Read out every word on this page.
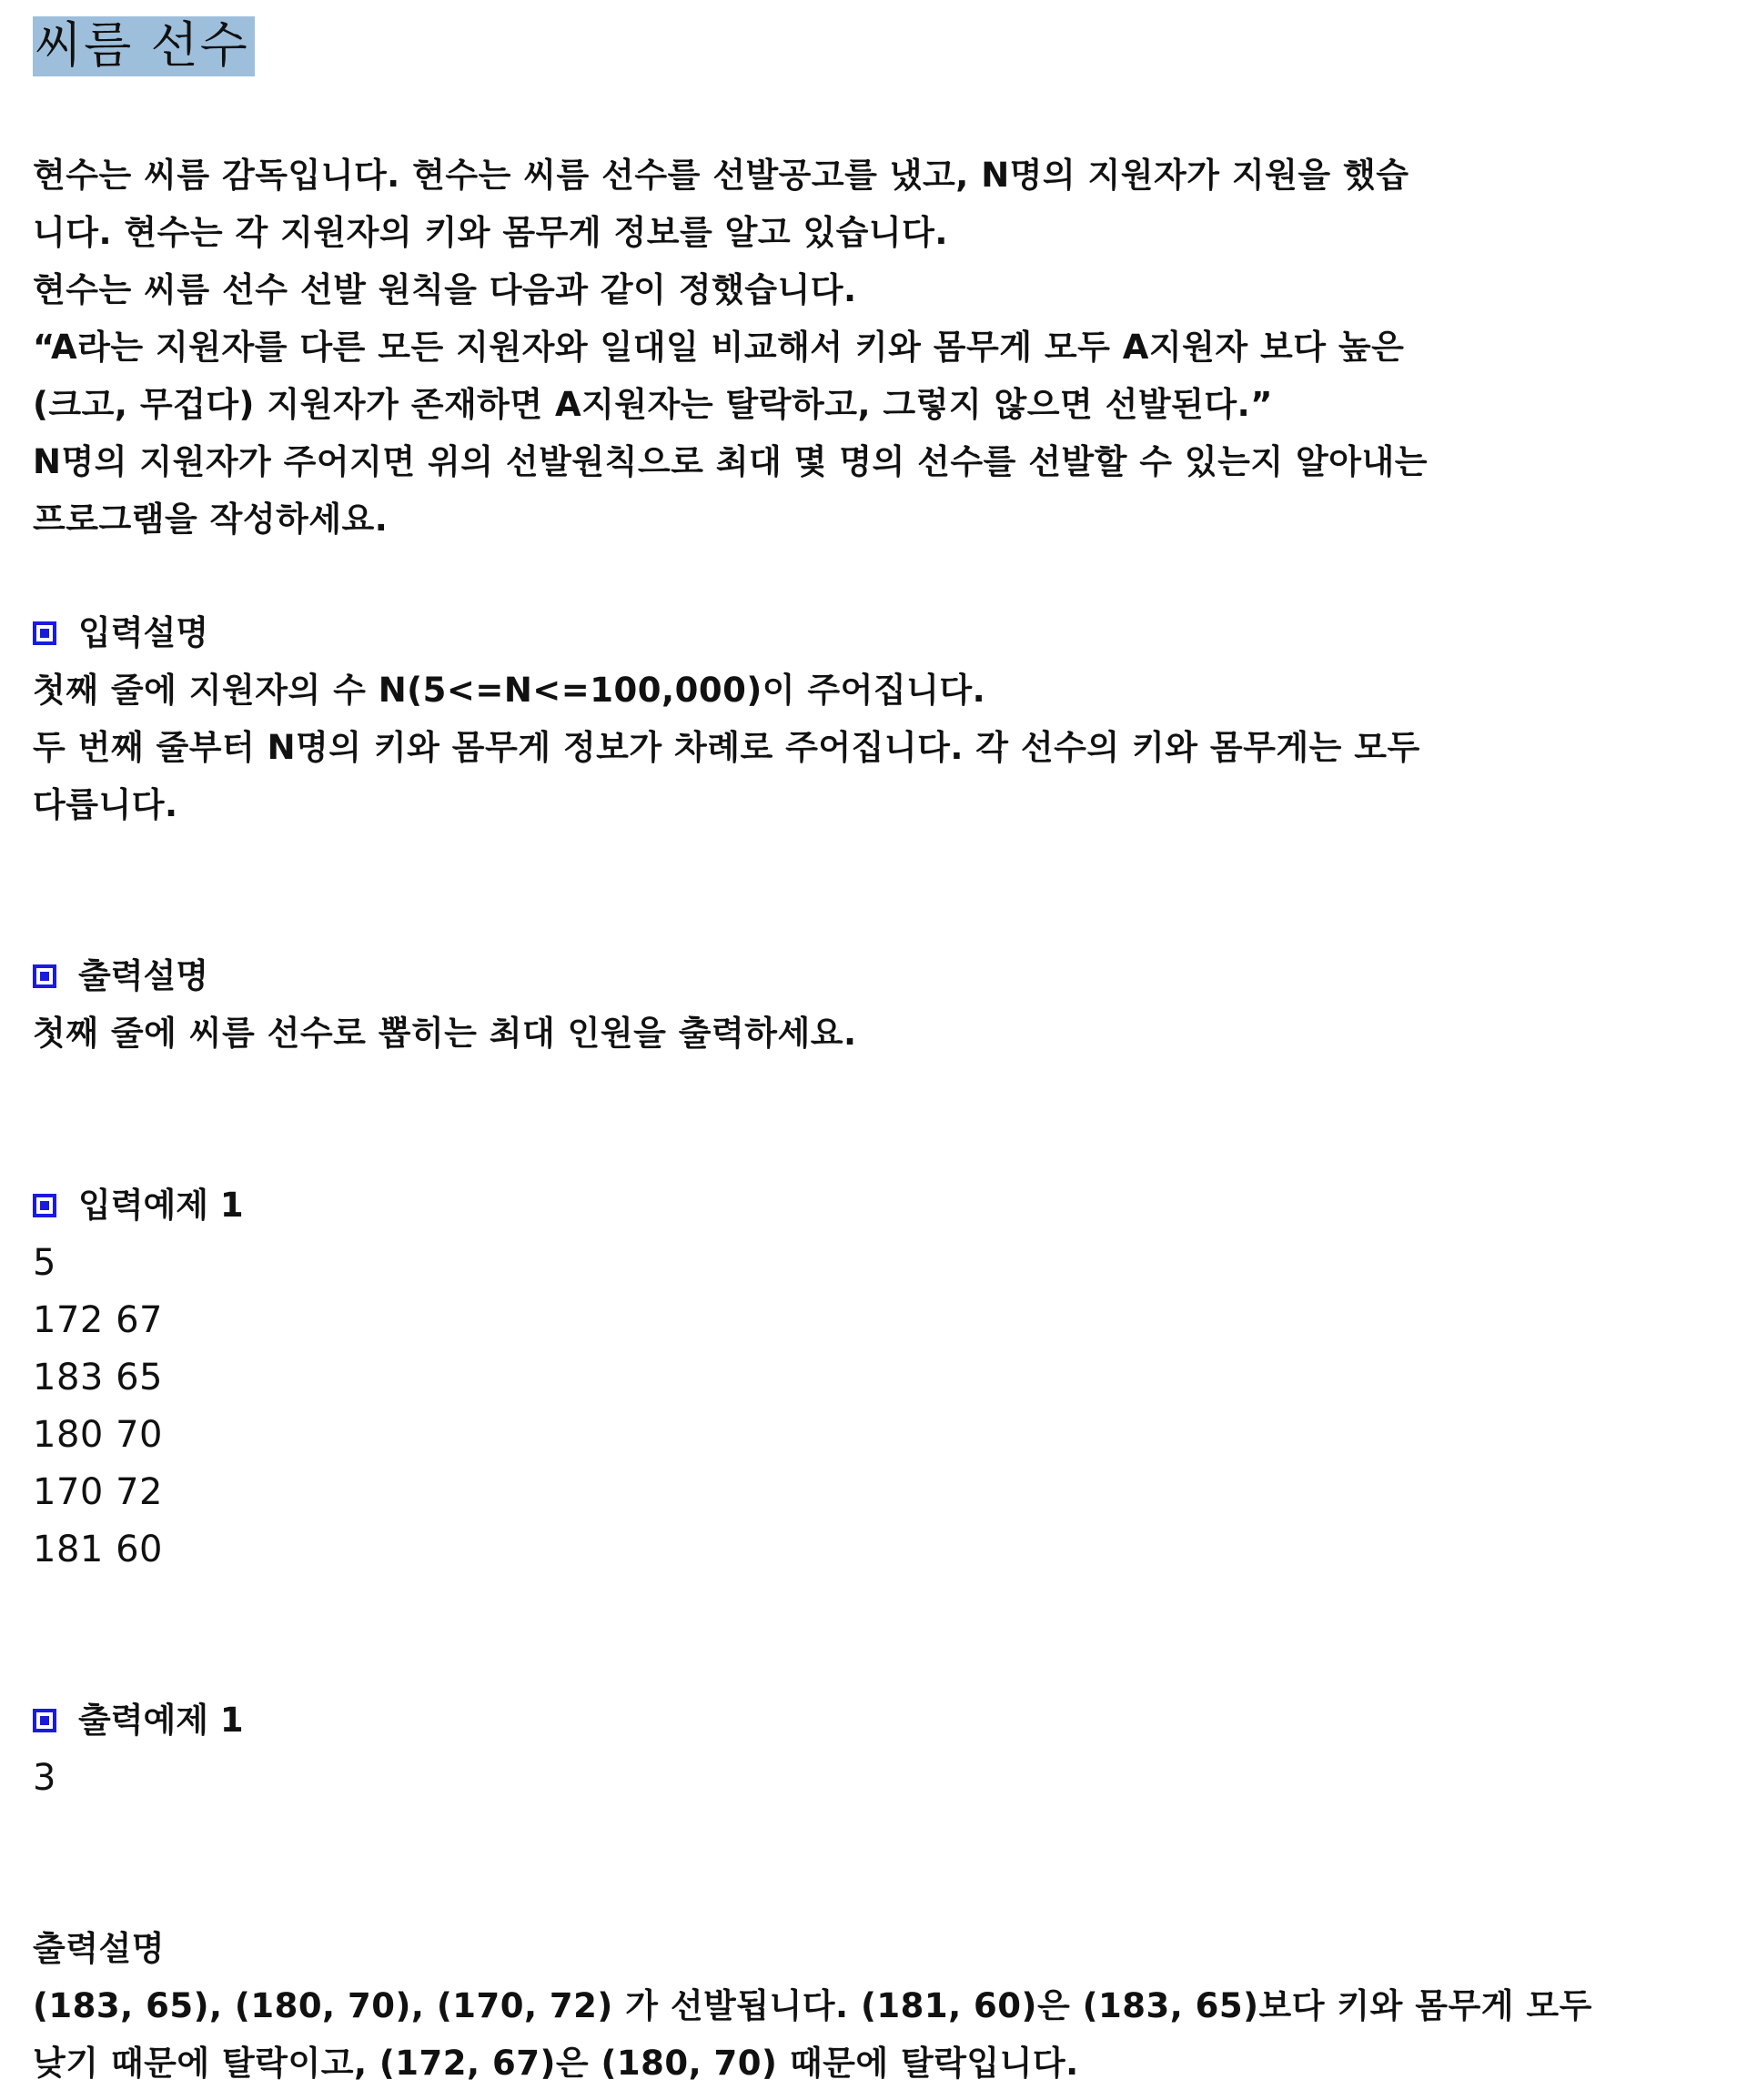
씨름 선수
현수는 씨름 감독입니다. 현수는 씨름 선수를 선발공고를 냈고, N명의 지원자가 지원을 했습
니다. 현수는 각 지원자의 키와 몸무게 정보를 알고 있습니다.
현수는 씨름 선수 선발 원칙을 다음과 같이 정했습니다.
“A라는 지원자를 다른 모든 지원자와 일대일 비교해서 키와 몸무게 모두 A지원자 보다 높은
(크고, 무겁다) 지원자가 존재하면 A지원자는 탈락하고, 그렇지 않으면 선발된다.”
N명의 지원자가 주어지면 위의 선발원칙으로 최대 몇 명의 선수를 선발할 수 있는지 알아내는
프로그램을 작성하세요.
입력설명
첫째 줄에 지원자의 수 N(5<=N<=100,000)이 주어집니다.
두 번째 줄부터 N명의 키와 몸무게 정보가 차례로 주어집니다. 각 선수의 키와 몸무게는 모두
다릅니다.
출력설명
첫째 줄에 씨름 선수로 뽑히는 최대 인원을 출력하세요.
입력예제 1
5
172 67
183 65
180 70
170 72
181 60
출력예제 1
3
출력설명
(183, 65), (180, 70), (170, 72) 가 선발됩니다. (181, 60)은 (183, 65)보다 키와 몸무게 모두
낮기 때문에 탈락이고, (172, 67)은 (180, 70) 때문에 탈락입니다.
